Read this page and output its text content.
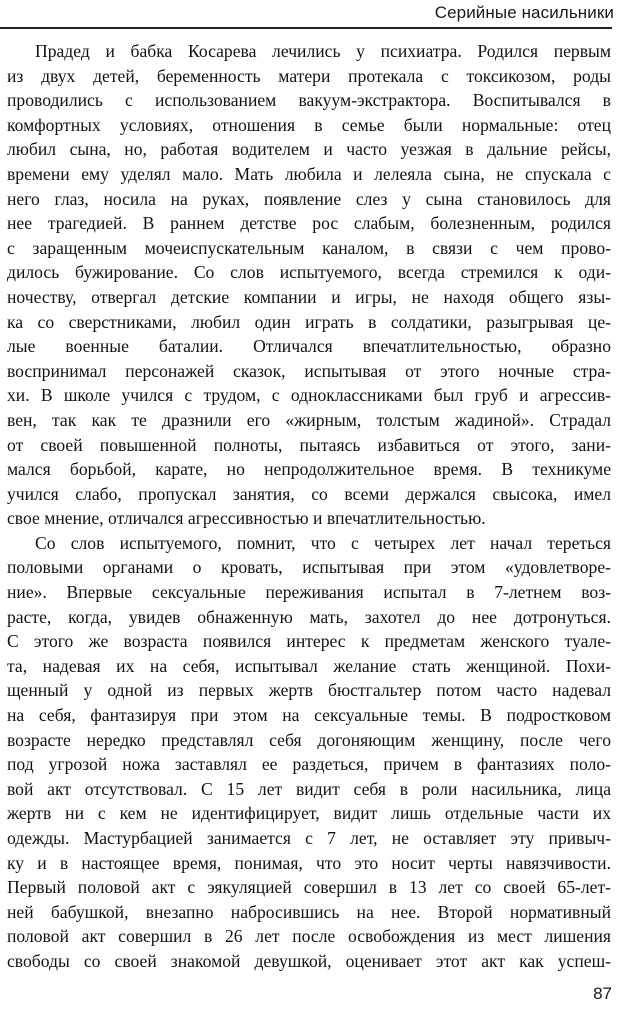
Серийные насильники
Прадед и бабка Косарева лечились у психиатра. Родился первым
из двух детей, беременность матери протекала с токсикозом, роды
проводились с использованием вакуум-экстрактора. Воспитывался в
комфортных условиях, отношения в семье были нормальные: отец
любил сына, но, работая водителем и часто уезжая в дальние рейсы,
времени ему уделял мало. Мать любила и лелеяла сына, не спускала с
него глаз, носила на руках, появление слез у сына становилось для
нее трагедией. В раннем детстве рос слабым, болезненным, родился
с заращенным мочеиспускательным каналом, в связи с чем прово-
дилось бужирование. Со слов испытуемого, всегда стремился к оди-
ночеству, отвергал детские компании и игры, не находя общего язы-
ка со сверстниками, любил один играть в солдатики, разыгрывая це-
лые военные баталии. Отличался впечатлительностью, образно
воспринимал персонажей сказок, испытывая от этого ночные стра-
хи. В школе учился с трудом, с одноклассниками был груб и агрессив-
вен, так как те дразнили его «жирным, толстым жадиной». Страдал
от своей повышенной полноты, пытаясь избавиться от этого, зани-
мался борьбой, карате, но непродолжительное время. В техникуме
учился слабо, пропускал занятия, со всеми держался свысока, имел
свое мнение, отличался агрессивностью и впечатлительностью.
Со слов испытуемого, помнит, что с четырех лет начал тереться
половыми органами о кровать, испытывая при этом «удовлетворе-
ние». Впервые сексуальные переживания испытал в 7-летнем воз-
расте, когда, увидев обнаженную мать, захотел до нее дотронуться.
С этого же возраста появился интерес к предметам женского туале-
та, надевая их на себя, испытывал желание стать женщиной. Похи-
щенный у одной из первых жертв бюстгальтер потом часто надевал
на себя, фантазируя при этом на сексуальные темы. В подростковом
возрасте нередко представлял себя догоняющим женщину, после чего
под угрозой ножа заставлял ее раздеться, причем в фантазиях поло-
вой акт отсутствовал. С 15 лет видит себя в роли насильника, лица
жертв ни с кем не идентифицирует, видит лишь отдельные части их
одежды. Мастурбацией занимается с 7 лет, не оставляет эту привыч-
ку и в настоящее время, понимая, что это носит черты навязчивости.
Первый половой акт с эякуляцией совершил в 13 лет со своей 65-лет-
ней бабушкой, внезапно набросившись на нее. Второй нормативный
половой акт совершил в 26 лет после освобождения из мест лишения
свободы со своей знакомой девушкой, оценивает этот акт как успеш-
87
